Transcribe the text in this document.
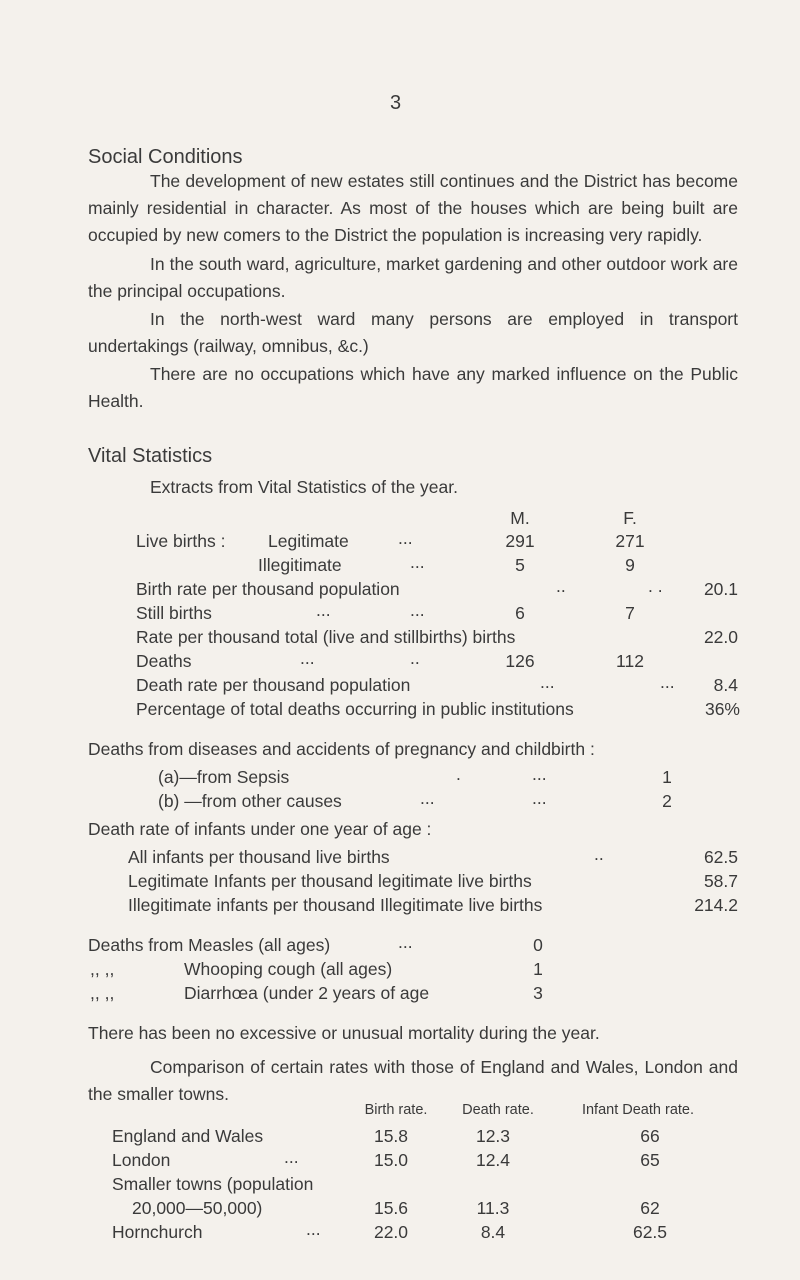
3
Social Conditions
The development of new estates still continues and the District has become mainly residential in character. As most of the houses which are being built are occupied by new comers to the District the population is increasing very rapidly.
In the south ward, agriculture, market gardening and other outdoor work are the principal occupations.
In the north-west ward many persons are employed in transport undertakings (railway, omnibus, &c.)
There are no occupations which have any marked influence on the Public Health.
Vital Statistics
Extracts from Vital Statistics of the year.
M.	F.
Live births : Legitimate	...	291	271
Illegitimate	...	5	9
Birth rate per thousand population	..	. .	20.1
Still births	...	...	6	7
Rate per thousand total (live and stillbirths) births	22.0
Deaths	...	..	126	112
Death rate per thousand population	...	...	8.4
Percentage of total deaths occurring in public institutions	36%
Deaths from diseases and accidents of pregnancy and childbirth :
(a)—from Sepsis	.	...	1
(b) —from other causes	...	...	2
Death rate of infants under one year of age :
All infants per thousand live births	..	62.5
Legitimate Infants per thousand legitimate live births	58.7
Illegitimate infants per thousand Illegitimate live births	214.2
Deaths from Measles (all ages)	...	0
,, ,,	Whooping cough (all ages)	1
,, ,,	Diarrhœa (under 2 years of age	3
There has been no excessive or unusual mortality during the year.
Comparison of certain rates with those of England and Wales, London and the smaller towns.
Birth rate.	Death rate.	Infant Death rate.
England and Wales	15.8	12.3	66
London	...	15.0	12.4	65
Smaller towns (population
20,000—50,000)	15.6	11.3	62
Hornchurch	...	22.0	8.4	62.5
